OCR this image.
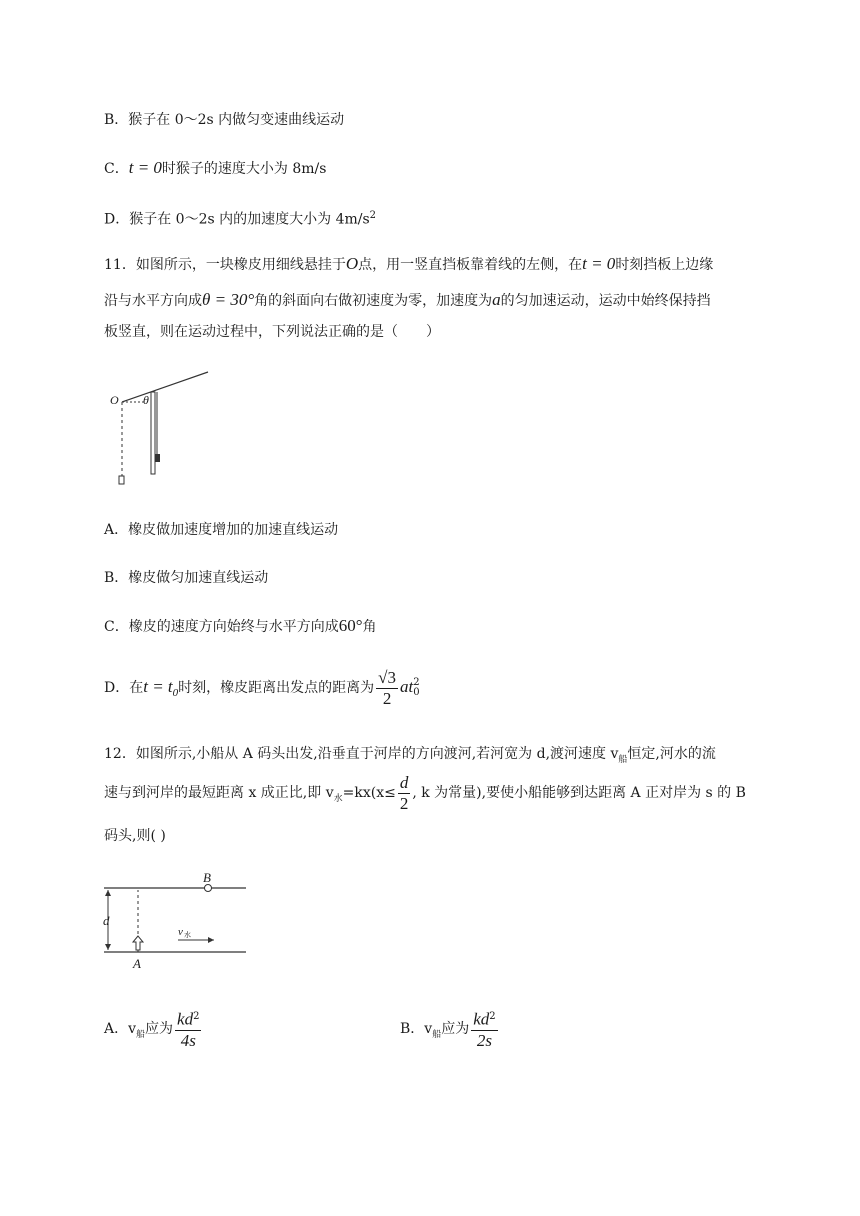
B．猴子在 0～2s 内做匀变速曲线运动
C．t = 0时猴子的速度大小为 8m/s
D．猴子在 0～2s 内的加速度大小为 $4m/s^2$
11．如图所示，一块橡皮用细线悬挂于O点，用一竖直挡板靠着线的左侧，在t = 0时刻挡板上边缘
沿与水平方向成θ = 30°角的斜面向右做初速度为零，加速度为a的匀加速运动，运动中始终保持挡
板竖直，则在运动过程中，下列说法正确的是（　　）
O θ
A．橡皮做加速度增加的加速直线运动
B．橡皮做匀加速直线运动
C．橡皮的速度方向始终与水平方向成60°角
D．在$t = t_0$时刻，橡皮距离出发点的距离为 $\frac{√3}{2}$ at 2
0
12．如图所示,小船从 A 码头出发,沿垂直于河岸的方向渡河,若河宽为 d,渡河速度 $v_船$恒定,河水的流
速与到河岸的最短距离 x 成正比,即 $v_水=kx(x\le \frac{d}{2}$ , k 为常量),要使小船能够到达距离 A 正对岸为 s 的 B
码头,则( )
B
A
d
v 水
A．$v_船$应为 $\frac{kd^2}{4s}$	B．$v_船$应为 $\frac{kd^2}{2s}$
